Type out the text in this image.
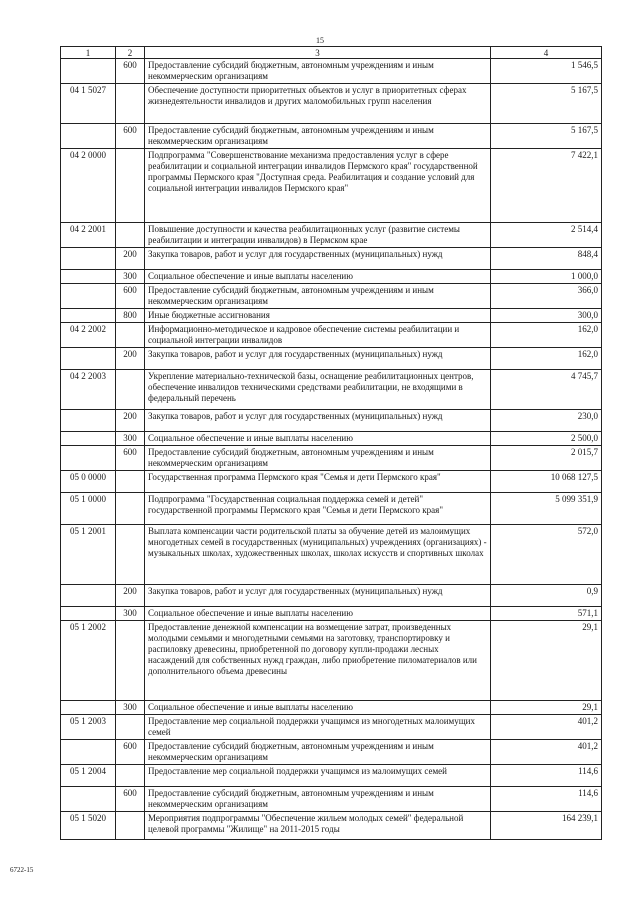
15
1	2	3	4
	600	Предоставление субсидий бюджетным, автономным учреждениям и иным некоммерческим организациям	1 546,5
04 1 5027		Обеспечение доступности приоритетных объектов и услуг в приоритетных сферах жизнедеятельности инвалидов и других маломобильных групп населения	5 167,5
	600	Предоставление субсидий бюджетным, автономным учреждениям и иным некоммерческим организациям	5 167,5
04 2 0000		Подпрограмма "Совершенствование механизма предоставления услуг в сфере реабилитации и социальной интеграции инвалидов Пермского края" государственной программы Пермского края "Доступная среда. Реабилитация и создание условий для социальной интеграции инвалидов Пермского края"	7 422,1
04 2 2001		Повышение доступности и качества реабилитационных услуг (развитие системы реабилитации и интеграции инвалидов) в Пермском крае	2 514,4
	200	Закупка товаров, работ и услуг для государственных (муниципальных) нужд	848,4
	300	Социальное обеспечение и иные выплаты населению	1 000,0
	600	Предоставление субсидий бюджетным, автономным учреждениям и иным некоммерческим организациям	366,0
	800	Иные бюджетные ассигнования	300,0
04 2 2002		Информационно-методическое и кадровое обеспечение системы реабилитации и социальной интеграции инвалидов	162,0
	200	Закупка товаров, работ и услуг для государственных (муниципальных) нужд	162,0
04 2 2003		Укрепление материально-технической базы, оснащение реабилитационных центров, обеспечение инвалидов техническими средствами реабилитации, не входящими в федеральный перечень	4 745,7
	200	Закупка товаров, работ и услуг для государственных (муниципальных) нужд	230,0
	300	Социальное обеспечение и иные выплаты населению	2 500,0
	600	Предоставление субсидий бюджетным, автономным учреждениям и иным некоммерческим организациям	2 015,7
05 0 0000		Государственная программа Пермского края "Семья и дети Пермского края"	10 068 127,5
05 1 0000		Подпрограмма "Государственная социальная поддержка семей и детей" государственной программы Пермского края "Семья и дети Пермского края"	5 099 351,9
05 1 2001		Выплата компенсации части родительской платы за обучение детей из малоимущих многодетных семей в государственных (муниципальных) учреждениях (организациях) - музыкальных школах, художественных школах, школах искусств и спортивных школах	572,0
	200	Закупка товаров, работ и услуг для государственных (муниципальных) нужд	0,9
	300	Социальное обеспечение и иные выплаты населению	571,1
05 1 2002		Предоставление денежной компенсации на возмещение затрат, произведенных молодыми семьями и многодетными семьями на заготовку, транспортировку и распиловку древесины, приобретенной по договору купли-продажи лесных насаждений для собственных нужд граждан, либо приобретение пиломатериалов или дополнительного объема древесины	29,1
	300	Социальное обеспечение и иные выплаты населению	29,1
05 1 2003		Предоставление мер социальной поддержки учащимся из многодетных малоимущих семей	401,2
	600	Предоставление субсидий бюджетным, автономным учреждениям и иным некоммерческим организациям	401,2
05 1 2004		Предоставление мер социальной поддержки учащимся из малоимущих семей	114,6
	600	Предоставление субсидий бюджетным, автономным учреждениям и иным некоммерческим организациям	114,6
05 1 5020		Мероприятия подпрограммы "Обеспечение жильем молодых семей" федеральной целевой программы "Жилище" на 2011-2015 годы	164 239,1
6722-15
